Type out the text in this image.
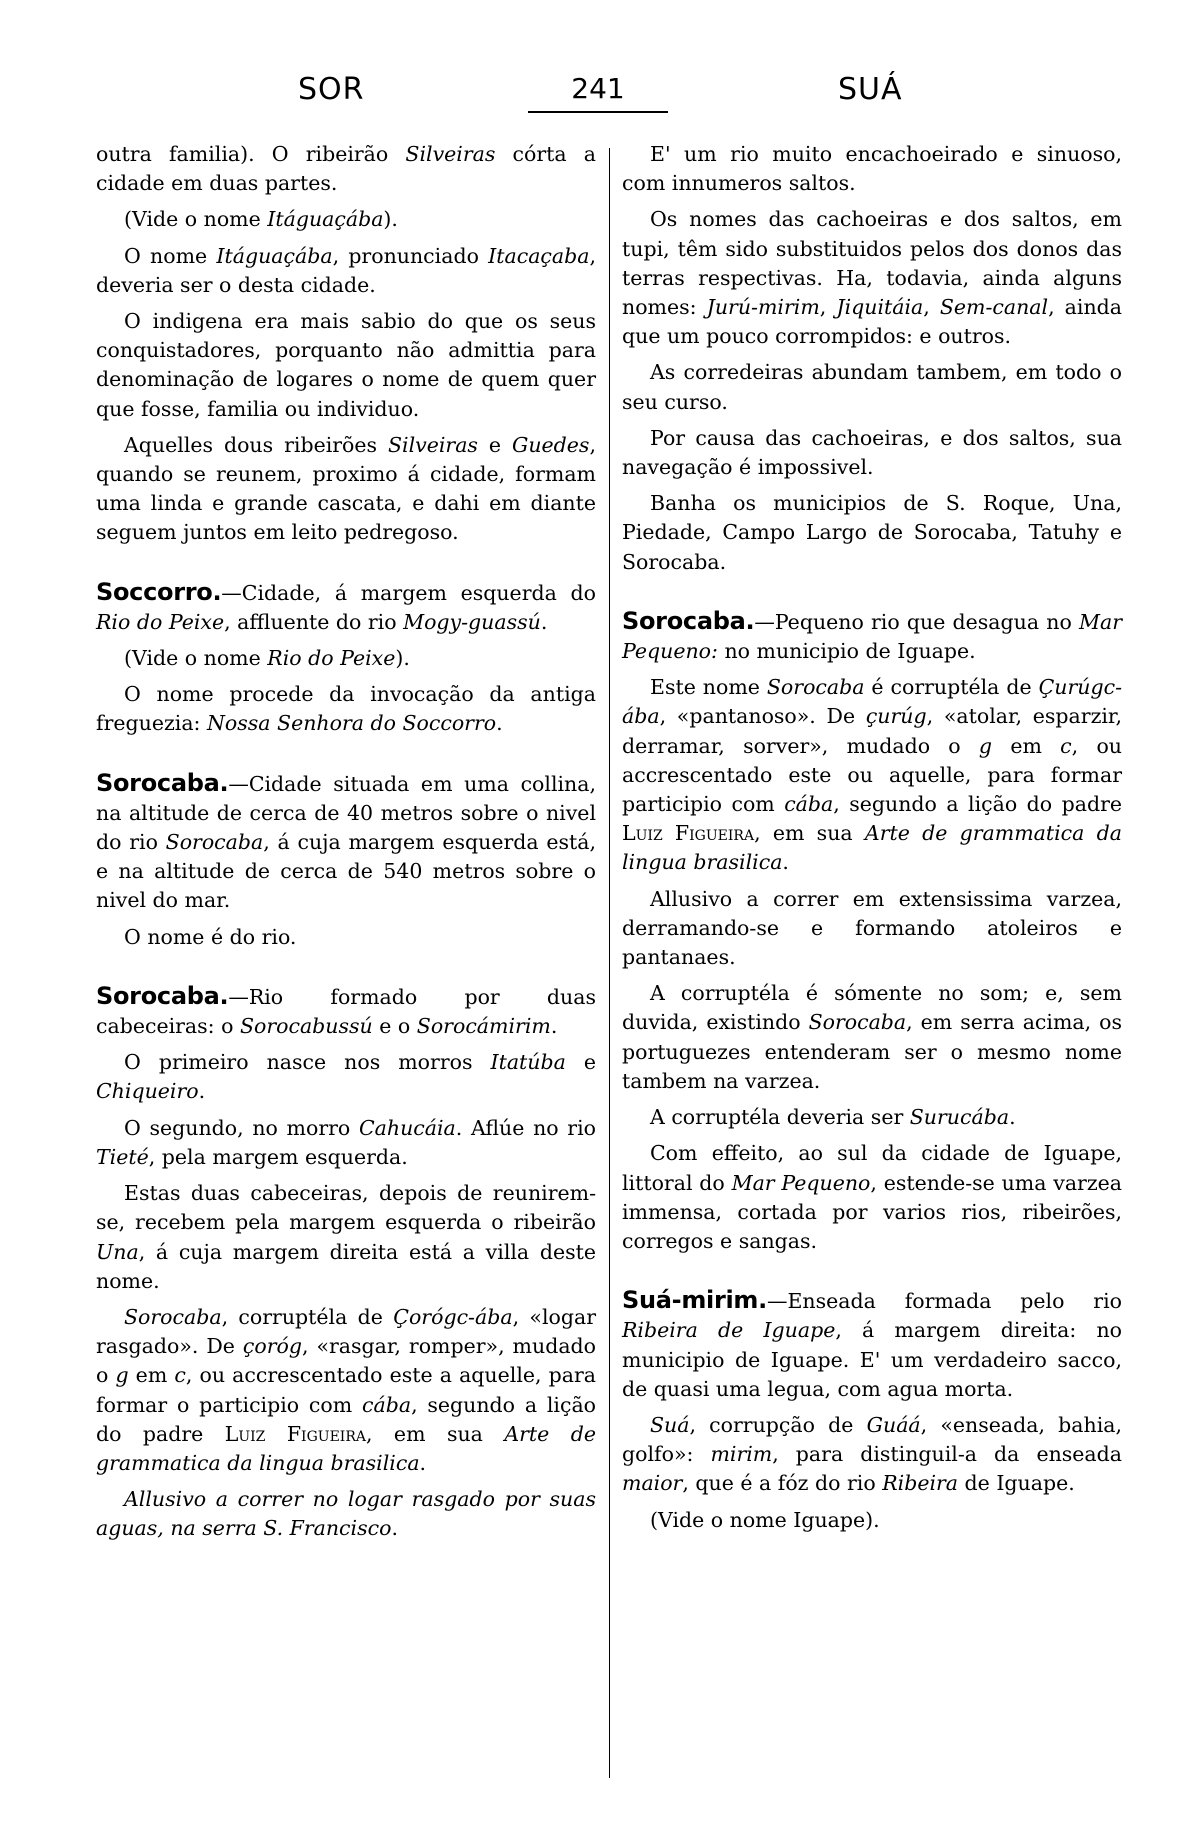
SOR	241	SUÁ

outra familia). O ribeirão Silveiras córta a cidade em duas partes.

(Vide o nome Itáguaçába).

O nome Itáguaçába, pronunciado Itacaçaba, deveria ser o desta cidade.

O indigena era mais sabio do que os seus conquistadores, porquanto não admittia para denominação de logares o nome de quem quer que fosse, familia ou individuo.

Aquelles dous ribeirões Silveiras e Guedes, quando se reunem, proximo á cidade, formam uma linda e grande cascata, e dahi em diante seguem juntos em leito pedregoso.

Soccorro.—Cidade, á margem esquerda do Rio do Peixe, affluente do rio Mogy-guassú.

(Vide o nome Rio do Peixe).

O nome procede da invocação da antiga freguezia: Nossa Senhora do Soccorro.

Sorocaba.—Cidade situada em uma collina, na altitude de cerca de 40 metros sobre o nivel do rio Sorocaba, á cuja margem esquerda está, e na altitude de cerca de 540 metros sobre o nivel do mar.

O nome é do rio.

Sorocaba.—Rio formado por duas cabeceiras: o Sorocabussú e o Sorocámirim.

O primeiro nasce nos morros Itatúba e Chiqueiro.

O segundo, no morro Cahucáia. Aflúe no rio Tieté, pela margem esquerda.

Estas duas cabeceiras, depois de reunirem-se, recebem pela margem esquerda o ribeirão Una, á cuja margem direita está a villa deste nome.

Sorocaba, corruptéla de Çorógc-ába, «logar rasgado». De çoróg, «rasgar, romper», mudado o g em c, ou accrescentado este a aquelle, para formar o participio com cába, segundo a lição do padre Luiz Figueira, em sua Arte de grammatica da lingua brasilica.

Allusivo a correr no logar rasgado por suas aguas, na serra S. Francisco.

E' um rio muito encachoeirado e sinuoso, com innumeros saltos.

Os nomes das cachoeiras e dos saltos, em tupi, têm sido substituidos pelos dos donos das terras respectivas. Ha, todavia, ainda alguns nomes: Jurú-mirim, Jiquitáia, Sem-canal, ainda que um pouco corrompidos: e outros.

As corredeiras abundam tambem, em todo o seu curso.

Por causa das cachoeiras, e dos saltos, sua navegação é impossivel.

Banha os municipios de S. Roque, Una, Piedade, Campo Largo de Sorocaba, Tatuhy e Sorocaba.

Sorocaba.—Pequeno rio que desagua no Mar Pequeno: no municipio de Iguape.

Este nome Sorocaba é corruptéla de Çurúgc-ába, «pantanoso». De çurúg, «atolar, esparzir, derramar, sorver», mudado o g em c, ou accrescentado este ou aquelle, para formar participio com cába, segundo a lição do padre Luiz Figueira, em sua Arte de grammatica da lingua brasilica.

Allusivo a correr em extensissima varzea, derramando-se e formando atoleiros e pantanaes.

A corruptéla é sómente no som; e, sem duvida, existindo Sorocaba, em serra acima, os portuguezes entenderam ser o mesmo nome tambem na varzea.

A corruptéla deveria ser Surucába.

Com effeito, ao sul da cidade de Iguape, littoral do Mar Pequeno, estende-se uma varzea immensa, cortada por varios rios, ribeirões, corregos e sangas.

Suá-mirim.—Enseada formada pelo rio Ribeira de Iguape, á margem direita: no municipio de Iguape. E' um verdadeiro sacco, de quasi uma legua, com agua morta.

Suá, corrupção de Guáá, «enseada, bahia, golfo»: mirim, para distinguil-a da enseada maior, que é a fóz do rio Ribeira de Iguape.

(Vide o nome Iguape).
